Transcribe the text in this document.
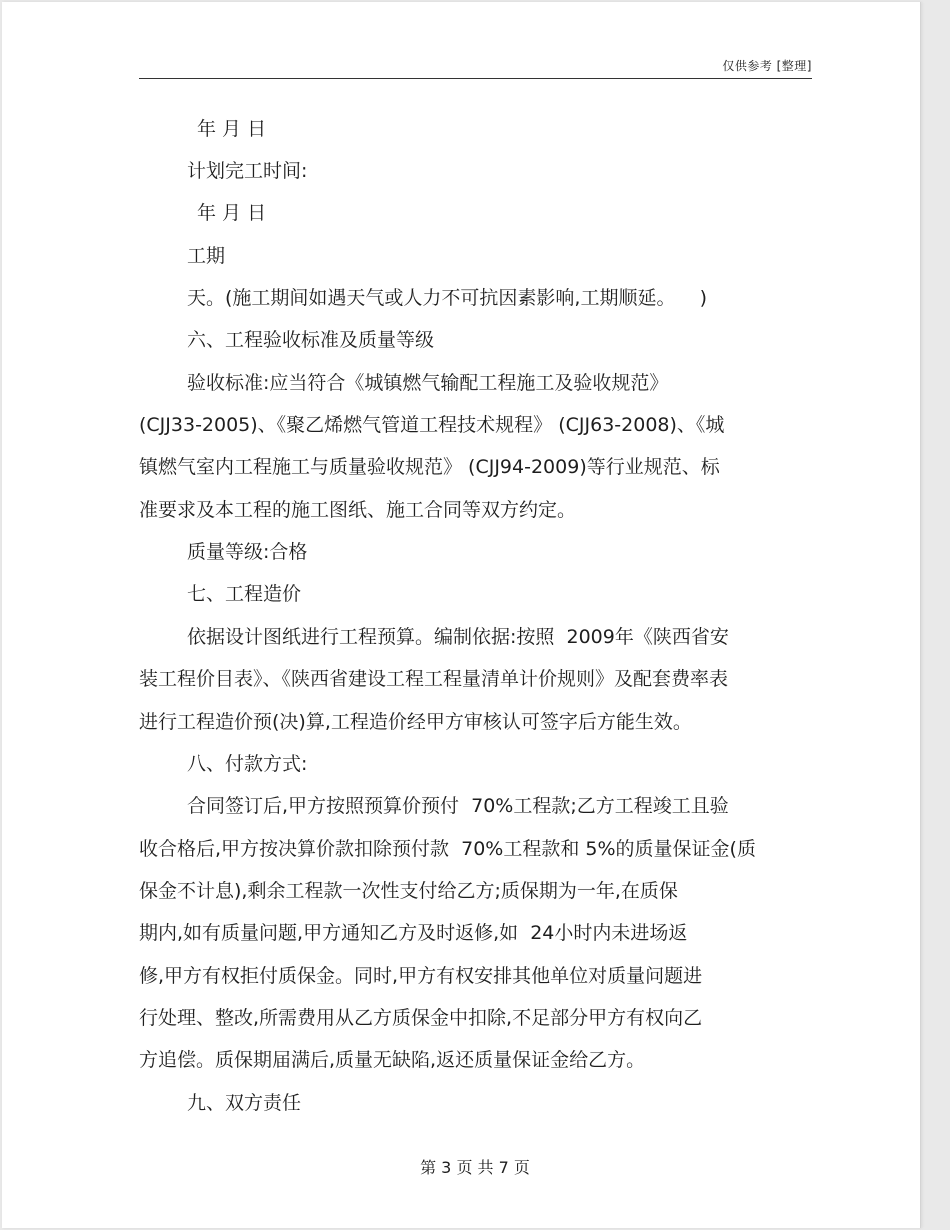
仅供参考 [整理]
年 月 日
计划完工时间:
年 月 日
工期
天。(施工期间如遇天气或人力不可抗因素影响,工期顺延。    )
六、工程验收标准及质量等级
验收标准:应当符合《城镇燃气输配工程施工及验收规范》
(CJJ33-2005)、《聚乙烯燃气管道工程技术规程》 (CJJ63-2008)、《城
镇燃气室内工程施工与质量验收规范》 (CJJ94-2009)等行业规范、标
准要求及本工程的施工图纸、施工合同等双方约定。
质量等级:合格
七、工程造价
依据设计图纸进行工程预算。编制依据:按照  2009年《陕西省安
装工程价目表》、《陕西省建设工程工程量清单计价规则》及配套费率表
进行工程造价预(决)算,工程造价经甲方审核认可签字后方能生效。
八、付款方式:
合同签订后,甲方按照预算价预付  70%工程款;乙方工程竣工且验
收合格后,甲方按决算价款扣除预付款  70%工程款和 5%的质量保证金(质
保金不计息),剩余工程款一次性支付给乙方;质保期为一年,在质保
期内,如有质量问题,甲方通知乙方及时返修,如  24小时内未进场返
修,甲方有权拒付质保金。同时,甲方有权安排其他单位对质量问题进
行处理、整改,所需费用从乙方质保金中扣除,不足部分甲方有权向乙
方追偿。质保期届满后,质量无缺陷,返还质量保证金给乙方。
九、双方责任
第 3 页 共 7 页
